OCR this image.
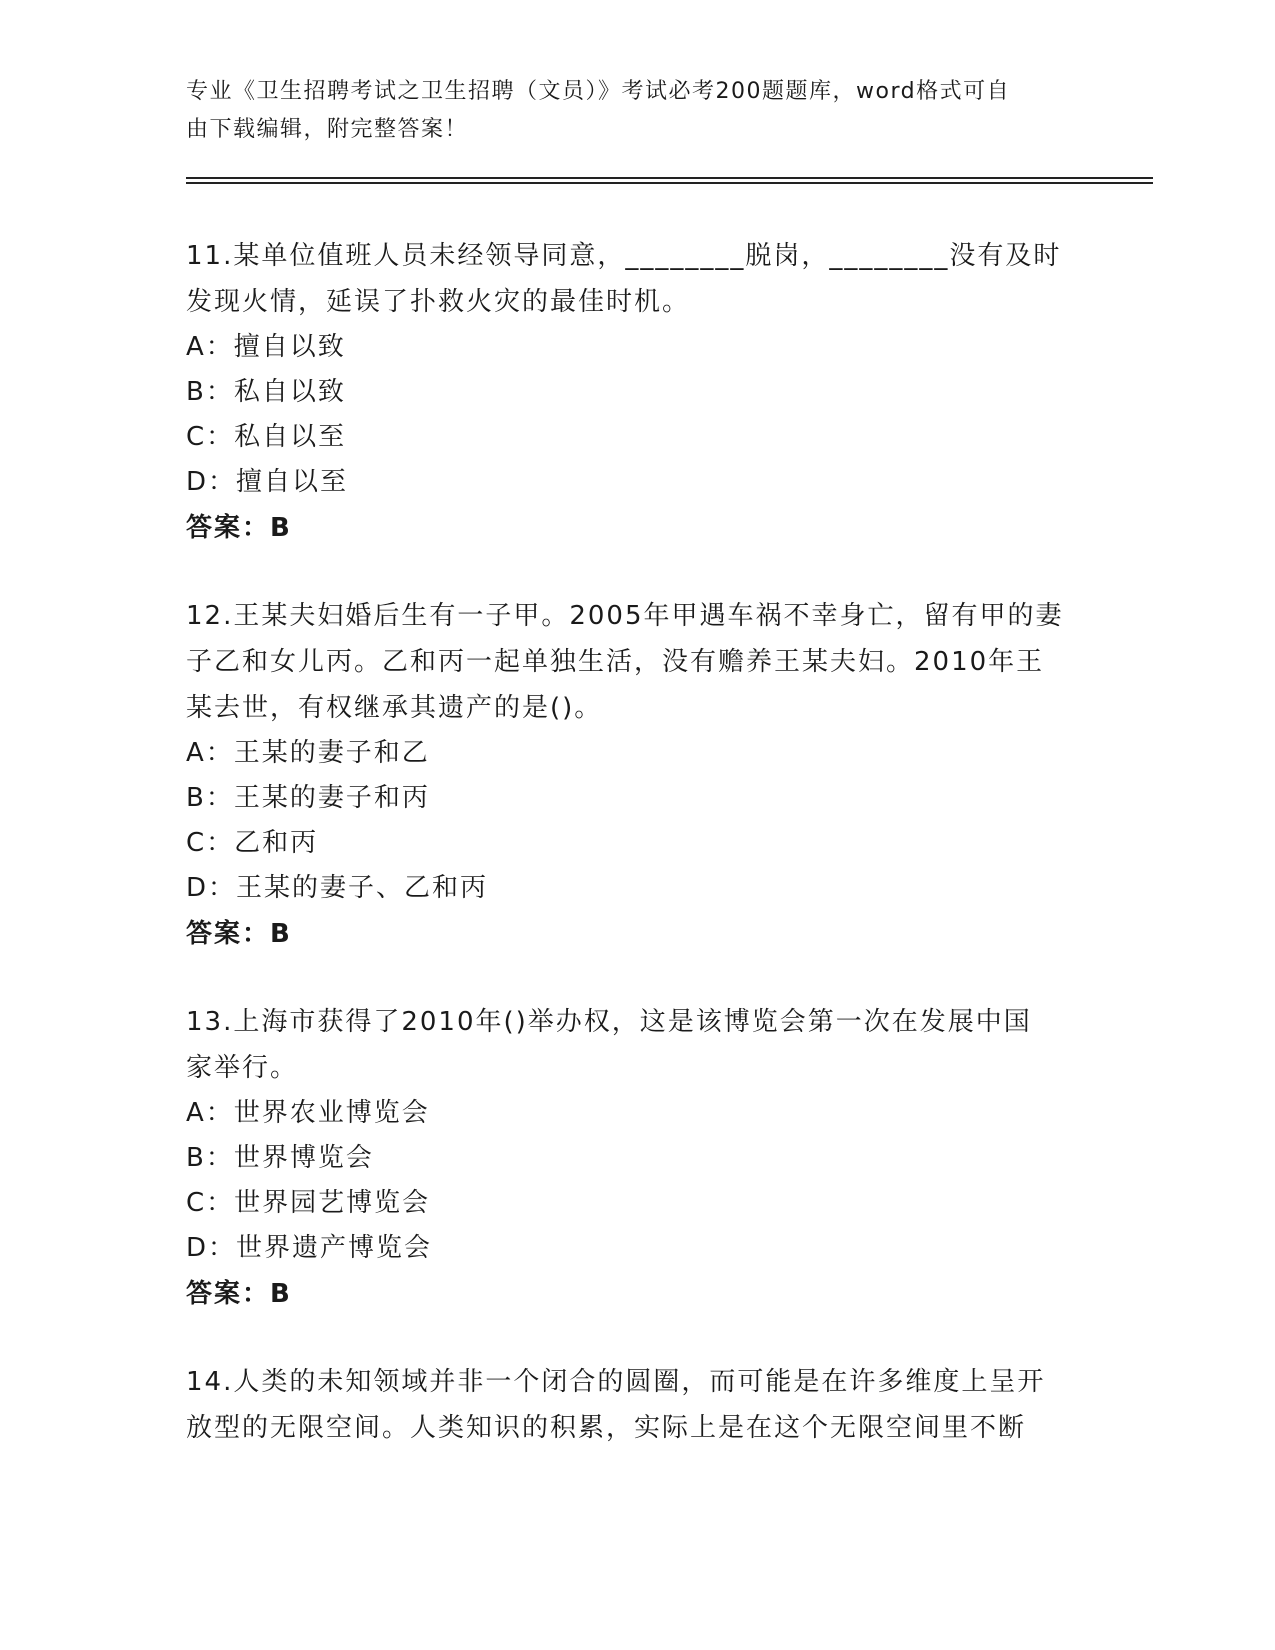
专业《卫生招聘考试之卫生招聘（文员）》考试必考200题题库，word格式可自
由下载编辑，附完整答案！
11.某单位值班人员未经领导同意，________脱岗，________没有及时
发现火情，延误了扑救火灾的最佳时机。
A：擅自以致
B：私自以致
C：私自以至
D：擅自以至
答案：B
12.王某夫妇婚后生有一子甲。2005年甲遇车祸不幸身亡，留有甲的妻
子乙和女儿丙。乙和丙一起单独生活，没有赡养王某夫妇。2010年王
某去世，有权继承其遗产的是()。
A：王某的妻子和乙
B：王某的妻子和丙
C：乙和丙
D：王某的妻子、乙和丙
答案：B
13.上海市获得了2010年()举办权，这是该博览会第一次在发展中国
家举行。
A：世界农业博览会
B：世界博览会
C：世界园艺博览会
D：世界遗产博览会
答案：B
14.人类的未知领域并非一个闭合的圆圈，而可能是在许多维度上呈开
放型的无限空间。人类知识的积累，实际上是在这个无限空间里不断
